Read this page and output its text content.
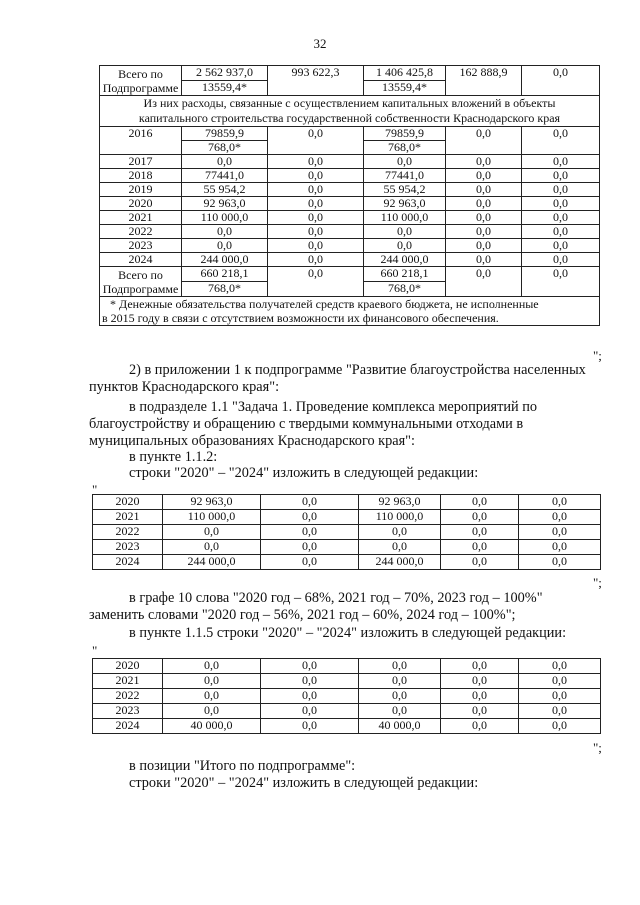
32
Всего по
Подпрограмме	2 562 937,0	993 622,3	1 406 425,8	162 888,9	0,0
	13559,4*		13559,4*		

Из них расходы, связанные с осуществлением капитальных вложений в объекты
капитального строительства государственной собственности Краснодарского края					

2016	79859,9	0,0	79859,9	0,0	0,0
	768,0*		768,0*		
2017	0,0	0,0	0,0	0,0	0,0
2018	77441,0	0,0	77441,0	0,0	0,0
2019	55 954,2	0,0	55 954,2	0,0	0,0
2020	92 963,0	0,0	92 963,0	0,0	0,0
2021	110 000,0	0,0	110 000,0	0,0	0,0
2022	0,0	0,0	0,0	0,0	0,0
2023	0,0	0,0	0,0	0,0	0,0
2024	244 000,0	0,0	244 000,0	0,0	0,0

Всего по
Подпрограмме	660 218,1	0,0	660 218,1	0,0	0,0
	768,0*		768,0*		

* Денежные обязательства получателей средств краевого бюджета, не исполненные
в 2015 году в связи с отсутствием возможности их финансового обеспечения.					
";
2) в приложении 1 к подпрограмме "Развитие благоустройства населенных
пунктов Краснодарского края":
в подразделе 1.1 "Задача 1. Проведение комплекса мероприятий по
благоустройству и обращению с твердыми коммунальными отходами в
муниципальных образованиях Краснодарского края":
в пункте 1.1.2:
строки "2020" – "2024" изложить в следующей редакции:
"
2020	92 963,0	0,0	92 963,0	0,0	0,0
2021	110 000,0	0,0	110 000,0	0,0	0,0
2022	0,0	0,0	0,0	0,0	0,0
2023	0,0	0,0	0,0	0,0	0,0
2024	244 000,0	0,0	244 000,0	0,0	0,0
";
в графе 10 слова "2020 год – 68%, 2021 год – 70%, 2023 год – 100%"
заменить словами "2020 год – 56%, 2021 год – 60%, 2024 год – 100%";
в пункте 1.1.5 строки "2020" – "2024" изложить в следующей редакции:
"
2020	0,0	0,0	0,0	0,0	0,0
2021	0,0	0,0	0,0	0,0	0,0
2022	0,0	0,0	0,0	0,0	0,0
2023	0,0	0,0	0,0	0,0	0,0
2024	40 000,0	0,0	40 000,0	0,0	0,0
";
в позиции "Итого по подпрограмме":
строки "2020" – "2024" изложить в следующей редакции:
